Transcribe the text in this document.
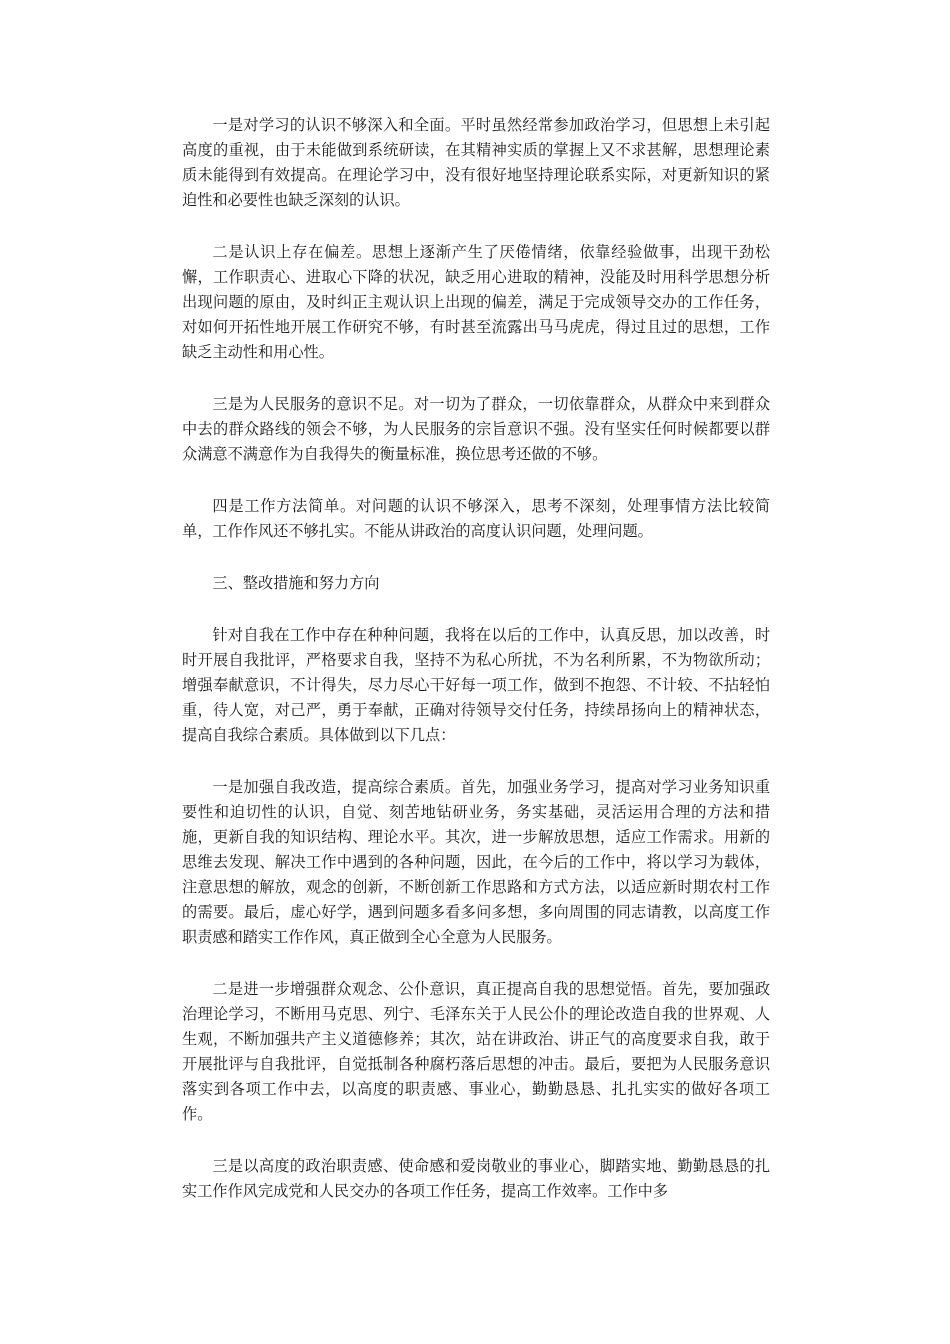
一是对学习的认识不够深入和全面。平时虽然经常参加政治学习，但思想上未引起高度的重视，由于未能做到系统研读，在其精神实质的掌握上又不求甚解，思想理论素质未能得到有效提高。在理论学习中，没有很好地坚持理论联系实际，对更新知识的紧迫性和必要性也缺乏深刻的认识。

二是认识上存在偏差。思想上逐渐产生了厌倦情绪，依靠经验做事，出现干劲松懈，工作职责心、进取心下降的状况，缺乏用心进取的精神，没能及时用科学思想分析出现问题的原由，及时纠正主观认识上出现的偏差，满足于完成领导交办的工作任务，对如何开拓性地开展工作研究不够，有时甚至流露出马马虎虎，得过且过的思想，工作缺乏主动性和用心性。

三是为人民服务的意识不足。对一切为了群众，一切依靠群众，从群众中来到群众中去的群众路线的领会不够，为人民服务的宗旨意识不强。没有坚实任何时候都要以群众满意不满意作为自我得失的衡量标准，换位思考还做的不够。

四是工作方法简单。对问题的认识不够深入，思考不深刻，处理事情方法比较简单，工作作风还不够扎实。不能从讲政治的高度认识问题，处理问题。

三、整改措施和努力方向

针对自我在工作中存在种种问题，我将在以后的工作中，认真反思，加以改善，时时开展自我批评，严格要求自我，坚持不为私心所扰，不为名利所累，不为物欲所动；增强奉献意识，不计得失，尽力尽心干好每一项工作，做到不抱怨、不计较、不拈轻怕重，待人宽，对己严，勇于奉献，正确对待领导交付任务，持续昂扬向上的精神状态，提高自我综合素质。具体做到以下几点：

一是加强自我改造，提高综合素质。首先，加强业务学习，提高对学习业务知识重要性和迫切性的认识，自觉、刻苦地钻研业务，务实基础，灵活运用合理的方法和措施，更新自我的知识结构、理论水平。其次，进一步解放思想，适应工作需求。用新的思维去发现、解决工作中遇到的各种问题，因此，在今后的工作中，将以学习为载体，注意思想的解放，观念的创新，不断创新工作思路和方式方法，以适应新时期农村工作的需要。最后，虚心好学，遇到问题多看多问多想，多向周围的同志请教，以高度工作职责感和踏实工作作风，真正做到全心全意为人民服务。

二是进一步增强群众观念、公仆意识，真正提高自我的思想觉悟。首先，要加强政治理论学习，不断用马克思、列宁、毛泽东关于人民公仆的理论改造自我的世界观、人生观，不断加强共产主义道德修养；其次，站在讲政治、讲正气的高度要求自我，敢于开展批评与自我批评，自觉抵制各种腐朽落后思想的冲击。最后，要把为人民服务意识落实到各项工作中去，以高度的职责感、事业心，勤勤恳恳、扎扎实实的做好各项工作。

三是以高度的政治职责感、使命感和爱岗敬业的事业心，脚踏实地、勤勤恳恳的扎实工作作风完成党和人民交办的各项工作任务，提高工作效率。工作中多
